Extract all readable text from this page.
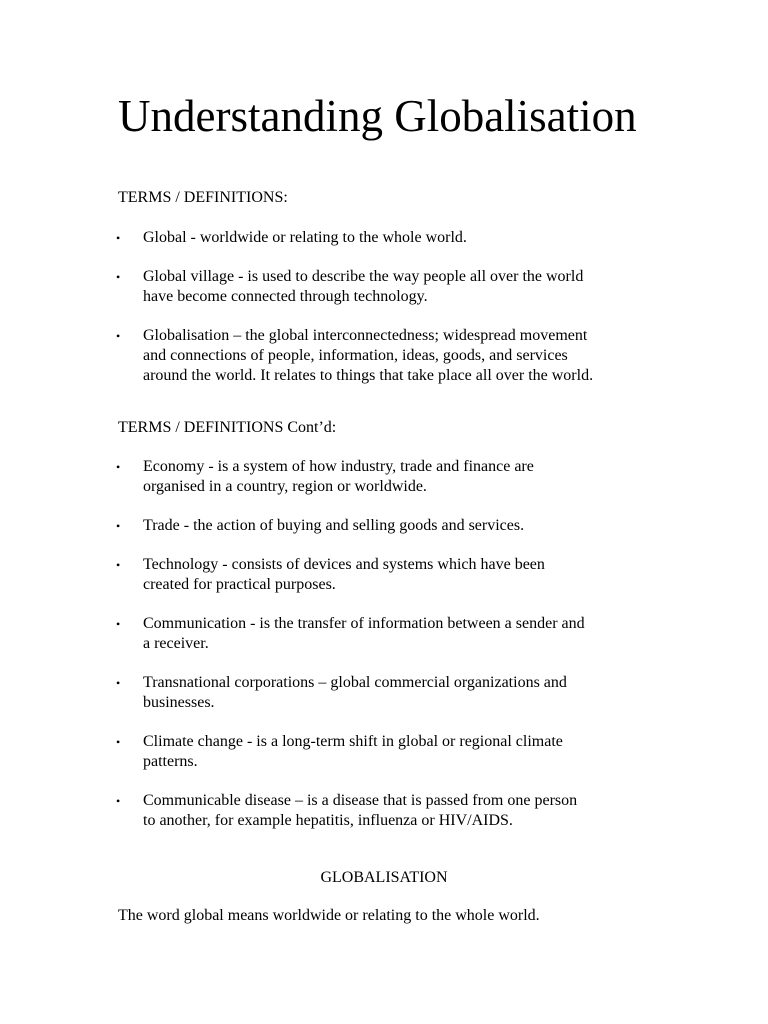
Understanding Globalisation

TERMS / DEFINITIONS:

• Global - worldwide or relating to the whole world.

• Global village - is used to describe the way people all over the world
have become connected through technology.

• Globalisation – the global interconnectedness; widespread movement
and connections of people, information, ideas, goods, and services
around the world. It relates to things that take place all over the world.

TERMS / DEFINITIONS Cont’d:

• Economy - is a system of how industry, trade and finance are
organised in a country, region or worldwide.

• Trade - the action of buying and selling goods and services.

• Technology - consists of devices and systems which have been
created for practical purposes.

• Communication - is the transfer of information between a sender and
a receiver.

• Transnational corporations – global commercial organizations and
businesses.

• Climate change - is a long-term shift in global or regional climate
patterns.

• Communicable disease – is a disease that is passed from one person
to another, for example hepatitis, influenza or HIV/AIDS.

GLOBALISATION

The word global means worldwide or relating to the whole world.
